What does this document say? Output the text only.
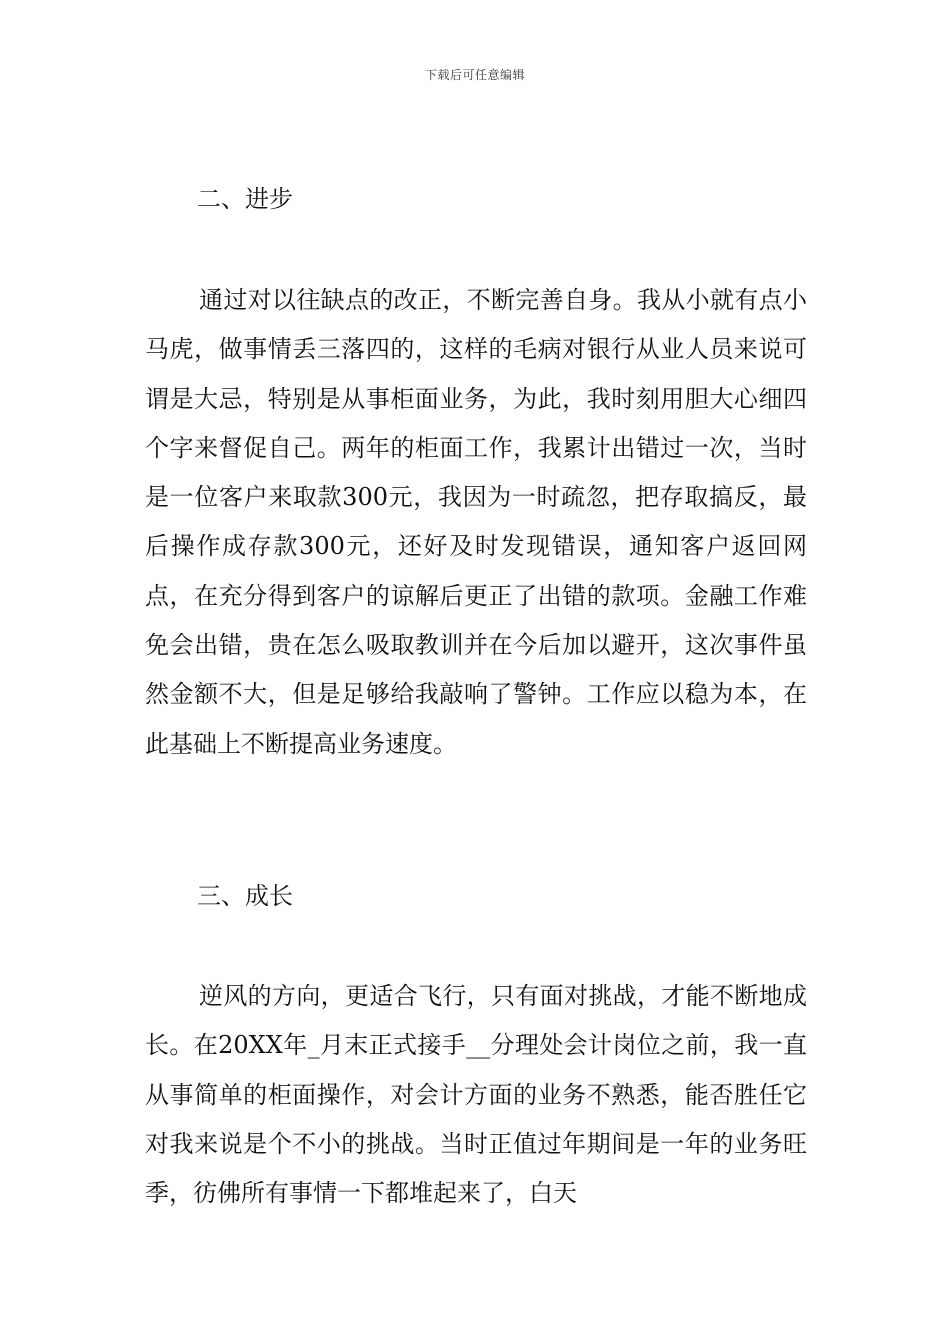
下载后可任意编辑
二、进步
通过对以往缺点的改正，不断完善自身。我从小就有点小马虎，做事情丢三落四的，这样的毛病对银行从业人员来说可谓是大忌，特别是从事柜面业务，为此，我时刻用胆大心细四个字来督促自己。两年的柜面工作，我累计出错过一次，当时是一位客户来取款300元，我因为一时疏忽，把存取搞反，最后操作成存款300元，还好及时发现错误，通知客户返回网点，在充分得到客户的谅解后更正了出错的款项。金融工作难免会出错，贵在怎么吸取教训并在今后加以避开，这次事件虽然金额不大，但是足够给我敲响了警钟。工作应以稳为本，在此基础上不断提高业务速度。
三、成长
逆风的方向，更适合飞行，只有面对挑战，才能不断地成长。在20XX年_月末正式接手__分理处会计岗位之前，我一直从事简单的柜面操作，对会计方面的业务不熟悉，能否胜任它对我来说是个不小的挑战。当时正值过年期间是一年的业务旺季，彷佛所有事情一下都堆起来了，白天
